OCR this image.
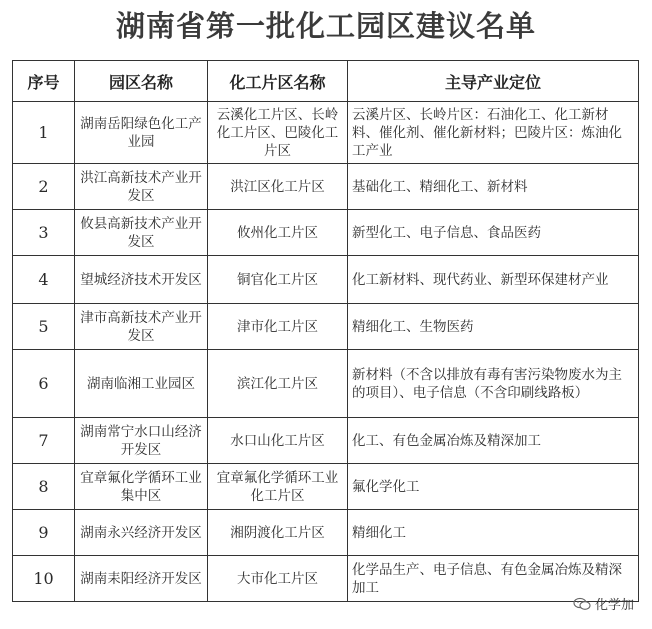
湖南省第一批化工园区建议名单
序号	园区名称	化工片区名称	主导产业定位
1	湖南岳阳绿色化工产业园	云溪化工片区、长岭化工片区、巴陵化工片区	云溪片区、长岭片区：石油化工、化工新材料、催化剂、催化新材料；巴陵片区：炼油化工产业
2	洪江高新技术产业开发区	洪江区化工片区	基础化工、精细化工、新材料
3	攸县高新技术产业开发区	攸州化工片区	新型化工、电子信息、食品医药
4	望城经济技术开发区	铜官化工片区	化工新材料、现代药业、新型环保建材产业
5	津市高新技术产业开发区	津市化工片区	精细化工、生物医药
6	湖南临湘工业园区	滨江化工片区	新材料（不含以排放有毒有害污染物废水为主的项目）、电子信息（不含印刷线路板）
7	湖南常宁水口山经济开发区	水口山化工片区	化工、有色金属冶炼及精深加工
8	宜章氟化学循环工业集中区	宜章氟化学循环工业化工片区	氟化学化工
9	湖南永兴经济开发区	湘阴渡化工片区	精细化工
10	湖南耒阳经济开发区	大市化工片区	化学品生产、电子信息、有色金属冶炼及精深加工
化学加
